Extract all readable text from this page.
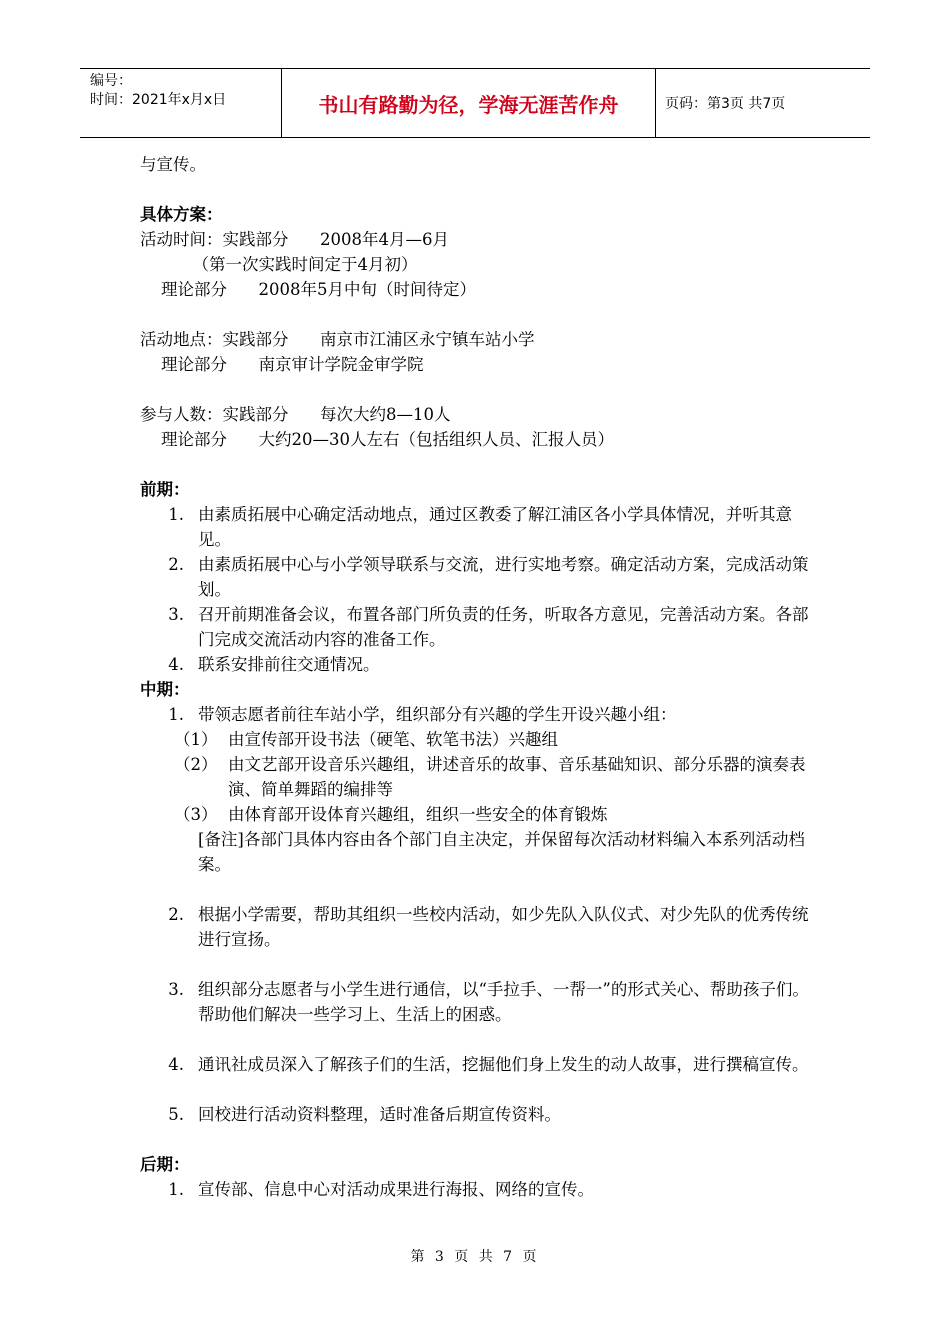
编号：
时间：2021年x月x日	书山有路勤为径，学海无涯苦作舟	页码：第3页 共7页

与宣传。

具体方案：

活动时间：实践部分      2008年4月—6月

（第一次实践时间定于4月初）

理论部分      2008年5月中旬（时间待定）

活动地点：实践部分      南京市江浦区永宁镇车站小学

理论部分      南京审计学院金审学院

参与人数：实践部分      每次大约8—10人

理论部分      大约20—30人左右（包括组织人员、汇报人员）

前期：

1. 由素质拓展中心确定活动地点，通过区教委了解江浦区各小学具体情况，并听其意见。
2. 由素质拓展中心与小学领导联系与交流，进行实地考察。确定活动方案，完成活动策划。
3. 召开前期准备会议，布置各部门所负责的任务，听取各方意见，完善活动方案。各部门完成交流活动内容的准备工作。
4. 联系安排前往交通情况。

中期：

1. 带领志愿者前往车站小学，组织部分有兴趣的学生开设兴趣小组：
（1） 由宣传部开设书法（硬笔、软笔书法）兴趣组
（2） 由文艺部开设音乐兴趣组，讲述音乐的故事、音乐基础知识、部分乐器的演奏表演、简单舞蹈的编排等
（3） 由体育部开设体育兴趣组，组织一些安全的体育锻炼
[备注]各部门具体内容由各个部门自主决定，并保留每次活动材料编入本系列活动档案。
2. 根据小学需要，帮助其组织一些校内活动，如少先队入队仪式、对少先队的优秀传统进行宣扬。
3. 组织部分志愿者与小学生进行通信，以“手拉手、一帮一”的形式关心、帮助孩子们。帮助他们解决一些学习上、生活上的困惑。
4. 通讯社成员深入了解孩子们的生活，挖掘他们身上发生的动人故事，进行撰稿宣传。
5. 回校进行活动资料整理，适时准备后期宣传资料。

后期：

1. 宣传部、信息中心对活动成果进行海报、网络的宣传。
第 3 页 共 7 页
